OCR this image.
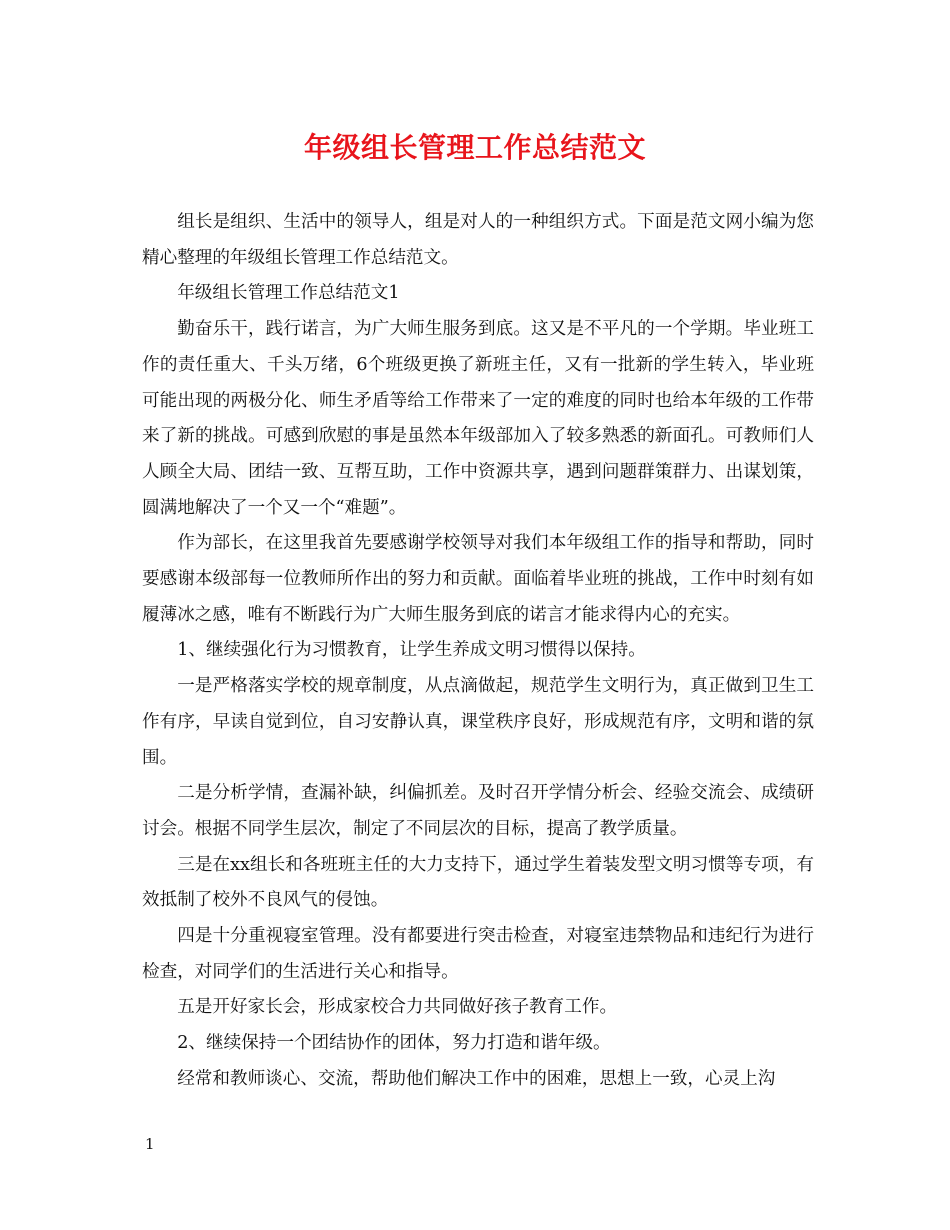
年级组长管理工作总结范文

组长是组织、生活中的领导人，组是对人的一种组织方式。下面是范文网小编为您精心整理的年级组长管理工作总结范文。

年级组长管理工作总结范文1

勤奋乐干，践行诺言，为广大师生服务到底。这又是不平凡的一个学期。毕业班工作的责任重大、千头万绪，6个班级更换了新班主任，又有一批新的学生转入，毕业班可能出现的两极分化、师生矛盾等给工作带来了一定的难度的同时也给本年级的工作带来了新的挑战。可感到欣慰的事是虽然本年级部加入了较多熟悉的新面孔。可教师们人人顾全大局、团结一致、互帮互助，工作中资源共享，遇到问题群策群力、出谋划策，圆满地解决了一个又一个“难题”。

作为部长，在这里我首先要感谢学校领导对我们本年级组工作的指导和帮助，同时要感谢本级部每一位教师所作出的努力和贡献。面临着毕业班的挑战，工作中时刻有如履薄冰之感，唯有不断践行为广大师生服务到底的诺言才能求得内心的充实。

1、继续强化行为习惯教育，让学生养成文明习惯得以保持。

一是严格落实学校的规章制度，从点滴做起，规范学生文明行为，真正做到卫生工作有序，早读自觉到位，自习安静认真，课堂秩序良好，形成规范有序，文明和谐的氛围。

二是分析学情，查漏补缺，纠偏抓差。及时召开学情分析会、经验交流会、成绩研讨会。根据不同学生层次，制定了不同层次的目标，提高了教学质量。

三是在xx组长和各班班主任的大力支持下，通过学生着装发型文明习惯等专项，有效抵制了校外不良风气的侵蚀。

四是十分重视寝室管理。没有都要进行突击检查，对寝室违禁物品和违纪行为进行检查，对同学们的生活进行关心和指导。

五是开好家长会，形成家校合力共同做好孩子教育工作。

2、继续保持一个团结协作的团体，努力打造和谐年级。

经常和教师谈心、交流，帮助他们解决工作中的困难，思想上一致，心灵上沟

1
